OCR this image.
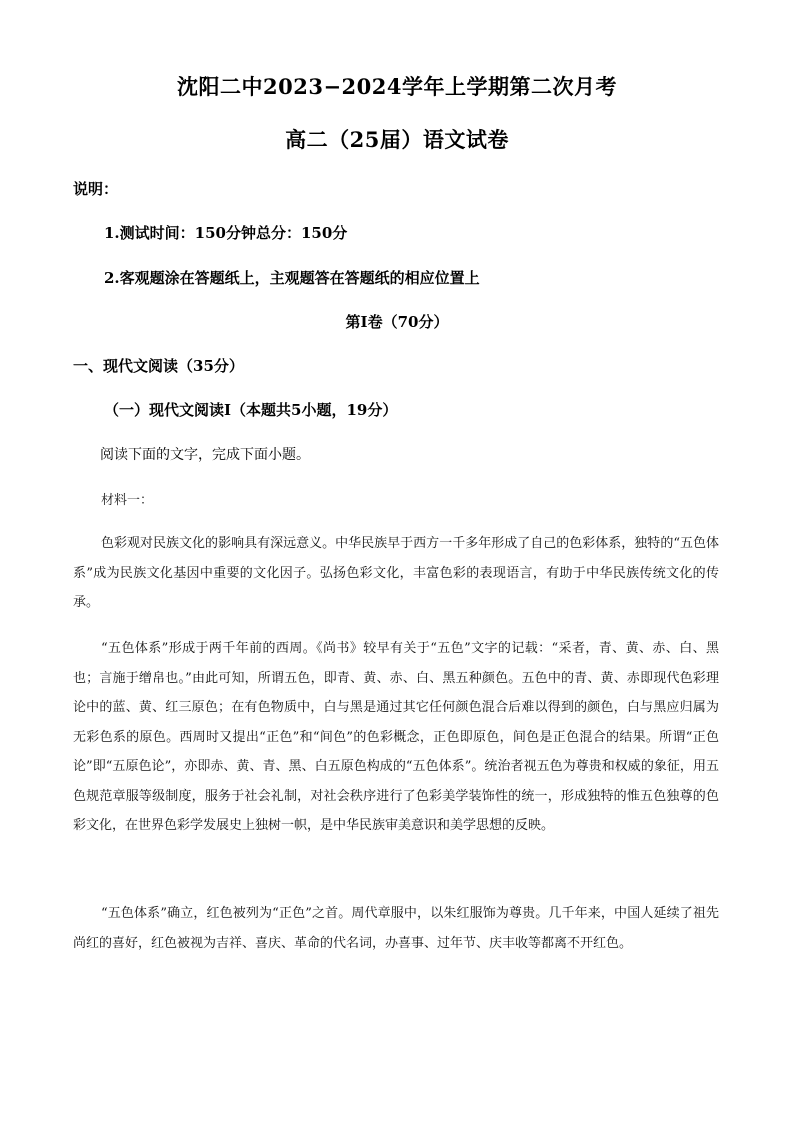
沈阳二中2023−2024学年上学期第二次月考
高二（25届）语文试卷
说明：
1.测试时间：150分钟总分：150分
2.客观题涂在答题纸上，主观题答在答题纸的相应位置上
第Ⅰ卷（70分）
一、现代文阅读（35分）
（一）现代文阅读Ⅰ（本题共5小题，19分）
阅读下面的文字，完成下面小题。
材料一：
色彩观对民族文化的影响具有深远意义。中华民族早于西方一千多年形成了自己的色彩体系，独特的“五色体系”成为民族文化基因中重要的文化因子。弘扬色彩文化，丰富色彩的表现语言，有助于中华民族传统文化的传承。
“五色体系”形成于两千年前的西周。《尚书》较早有关于“五色”文字的记载：“采者，青、黄、赤、白、黑也；言施于缯帛也。”由此可知，所谓五色，即青、黄、赤、白、黑五种颜色。五色中的青、黄、赤即现代色彩理论中的蓝、黄、红三原色；在有色物质中，白与黑是通过其它任何颜色混合后难以得到的颜色，白与黑应归属为无彩色系的原色。西周时又提出“正色”和“间色”的色彩概念，正色即原色，间色是正色混合的结果。所谓“正色论”即“五原色论”，亦即赤、黄、青、黑、白五原色构成的“五色体系”。统治者视五色为尊贵和权威的象征，用五色规范章服等级制度，服务于社会礼制，对社会秩序进行了色彩美学装饰性的统一，形成独特的惟五色独尊的色彩文化，在世界色彩学发展史上独树一帜，是中华民族审美意识和美学思想的反映。
“五色体系”确立，红色被列为“正色”之首。周代章服中，以朱红服饰为尊贵。几千年来，中国人延续了祖先尚红的喜好，红色被视为吉祥、喜庆、革命的代名词，办喜事、过年节、庆丰收等都离不开红色。
